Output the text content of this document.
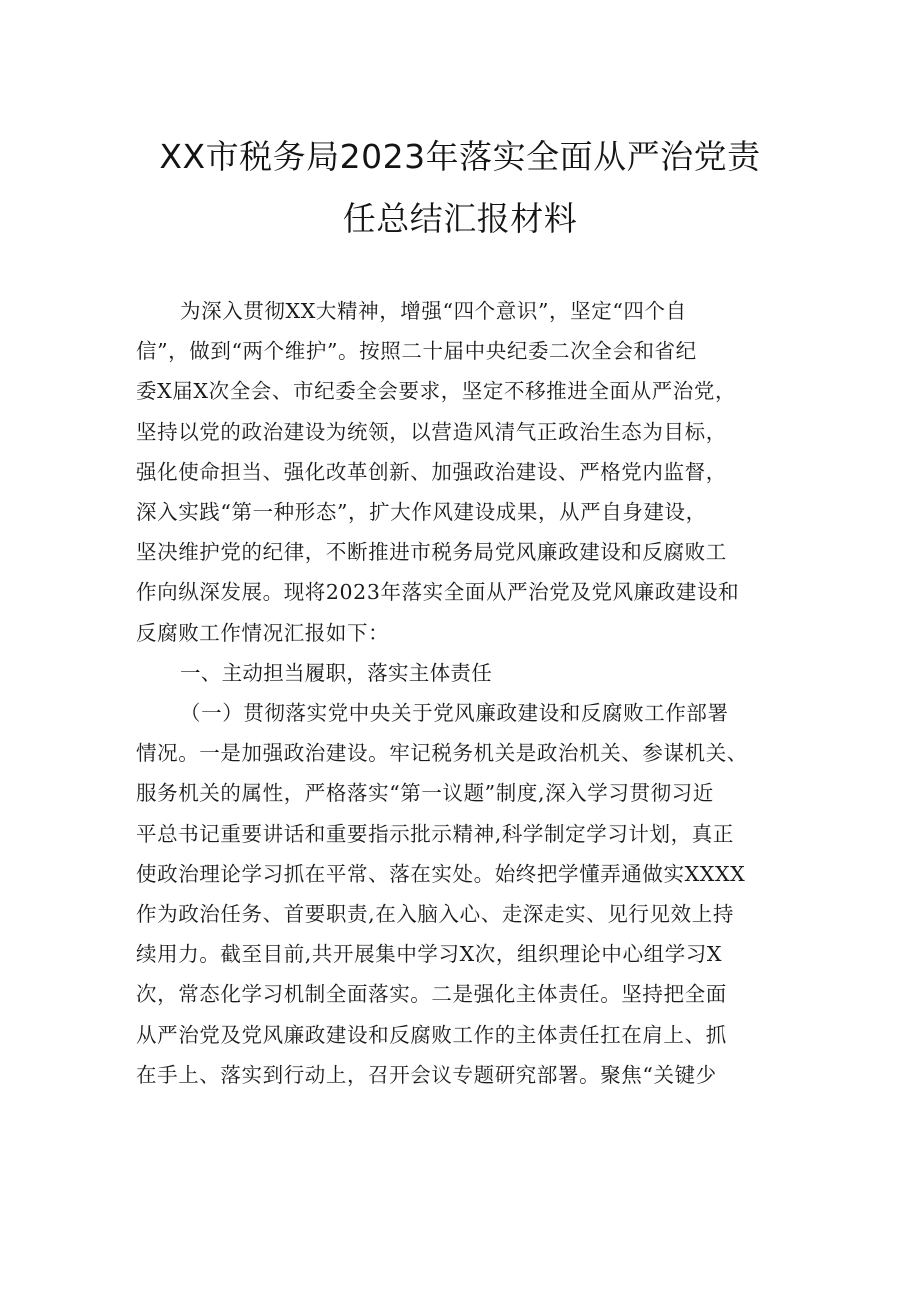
XX市税务局2023年落实全面从严治党责
任总结汇报材料
为深入贯彻XX大精神，增强“四个意识”，坚定“四个自
信”，做到“两个维护”。按照二十届中央纪委二次全会和省纪
委X届X次全会、市纪委全会要求，坚定不移推进全面从严治党，
坚持以党的政治建设为统领，以营造风清气正政治生态为目标，
强化使命担当、强化改革创新、加强政治建设、严格党内监督，
深入实践“第一种形态”，扩大作风建设成果，从严自身建设，
坚决维护党的纪律，不断推进市税务局党风廉政建设和反腐败工
作向纵深发展。现将2023年落实全面从严治党及党风廉政建设和
反腐败工作情况汇报如下：
一、主动担当履职，落实主体责任
（一）贯彻落实党中央关于党风廉政建设和反腐败工作部署
情况。一是加强政治建设。牢记税务机关是政治机关、参谋机关、
服务机关的属性，严格落实“第一议题”制度,深入学习贯彻习近
平总书记重要讲话和重要指示批示精神,科学制定学习计划，真正
使政治理论学习抓在平常、落在实处。始终把学懂弄通做实XXXX
作为政治任务、首要职责,在入脑入心、走深走实、见行见效上持
续用力。截至目前,共开展集中学习X次，组织理论中心组学习X
次，常态化学习机制全面落实。二是强化主体责任。坚持把全面
从严治党及党风廉政建设和反腐败工作的主体责任扛在肩上、抓
在手上、落实到行动上，召开会议专题研究部署。聚焦“关键少
